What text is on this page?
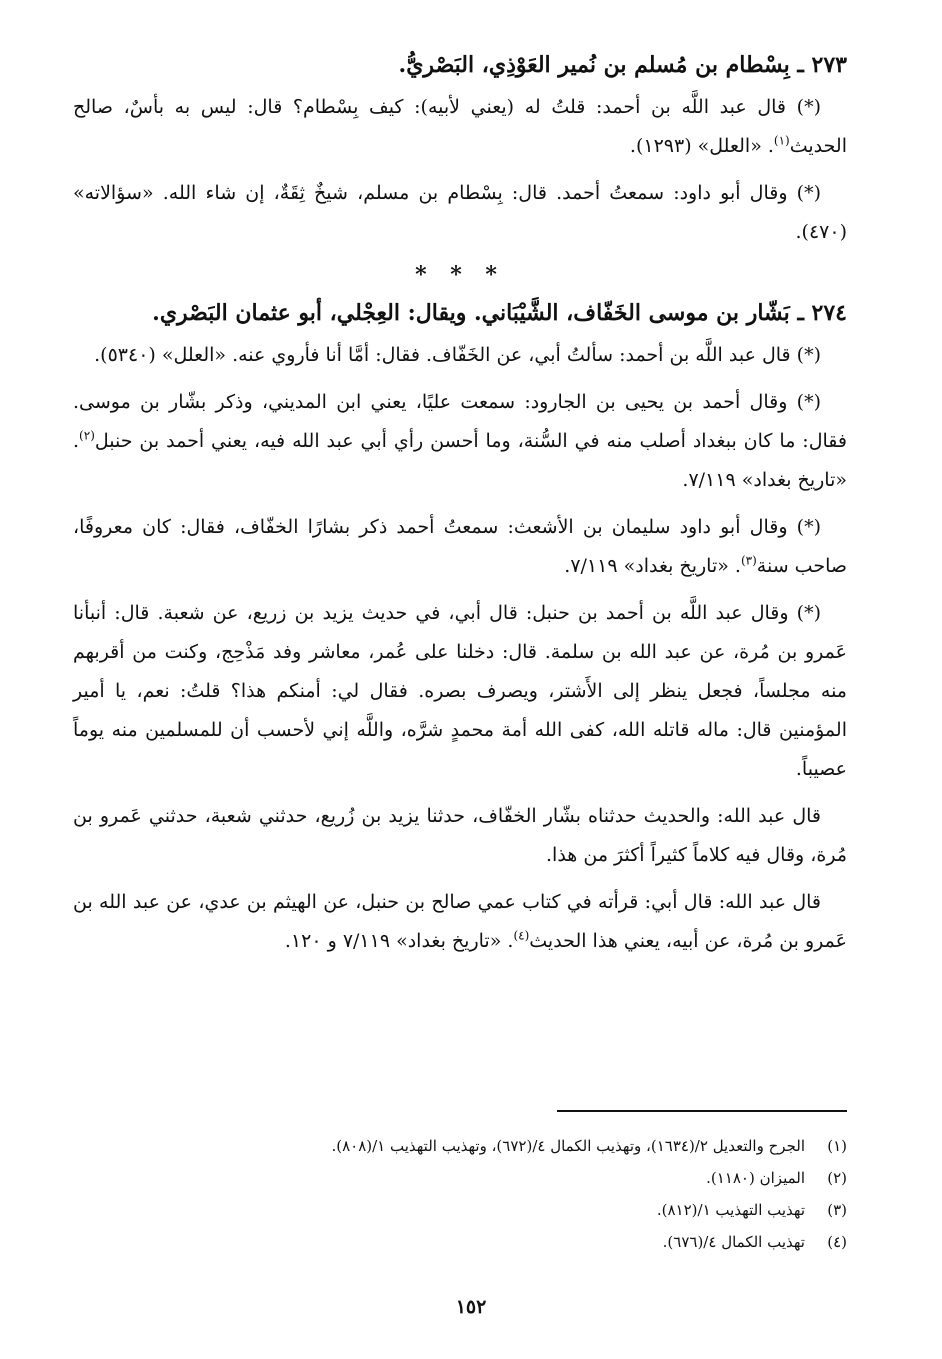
٢٧٣ ـ بِسْطام بن مُسلم بن نُمير العَوْذِي، البَصْريُّ.

(*) قال عبد اللَّه بن أحمد: قلتُ له (يعني لأبيه): كيف بِسْطام؟ قال: ليس به بأسٌ، صالح الحديث$^{(١)}$. «العلل» (١٢٩٣).

(*) وقال أبو داود: سمعتُ أحمد. قال: بِسْطام بن مسلم، شيخٌ ثِقَةٌ، إن شاء الله. «سؤالاته» (٤٧٠).

* * *

٢٧٤ ـ بَشّار بن موسى الخَفّاف، الشَّيْبَاني. ويقال: العِجْلي، أبو عثمان البَصْري.

(*) قال عبد اللَّه بن أحمد: سألتُ أبي، عن الخَفّاف. فقال: أمَّا أنا فأروي عنه. «العلل» (٥٣٤٠).

(*) وقال أحمد بن يحيى بن الجارود: سمعت عليًا، يعني ابن المديني، وذكر بشّار بن موسى. فقال: ما كان ببغداد أصلب منه في السُّنة، وما أحسن رأي أبي عبد الله فيه، يعني أحمد بن حنبل$^{(٢)}$. «تاريخ بغداد» ٧/١١٩.

(*) وقال أبو داود سليمان بن الأشعث: سمعتُ أحمد ذكر بشارًا الخفّاف، فقال: كان معروفًا، صاحب سنة$^{(٣)}$. «تاريخ بغداد» ٧/١١٩.

(*) وقال عبد اللَّه بن أحمد بن حنبل: قال أبي، في حديث يزيد بن زريع، عن شعبة. قال: أنبأنا عَمرو بن مُرة، عن عبد الله بن سلمة. قال: دخلنا على عُمر، معاشر وفد مَذْحِج، وكنت من أقربهم منه مجلساً، فجعل ينظر إلى الأَشتر، ويصرف بصره. فقال لي: أمنكم هذا؟ قلتُ: نعم، يا أمير المؤمنين قال: ماله قاتله الله، كفى الله أمة محمدٍ شرَّه، واللَّه إني لأحسب أن للمسلمين منه يوماً عصيباً.

قال عبد الله: والحديث حدثناه بشّار الخفّاف، حدثنا يزيد بن زُريع، حدثني شعبة، حدثني عَمرو بن مُرة، وقال فيه كلاماً كثيراً أكثرَ من هذا.

قال عبد الله: قال أبي: قرأته في كتاب عمي صالح بن حنبل، عن الهيثم بن عدي، عن عبد الله بن عَمرو بن مُرة، عن أبيه، يعني هذا الحديث$^{(٤)}$. «تاريخ بغداد» ٧/١١٩ و ١٢٠.

(١)الجرح والتعديل ٢/(١٦٣٤)، وتهذيب الكمال ٤/(٦٧٢)، وتهذيب التهذيب ١/(٨٠٨).
(٢)الميزان (١١٨٠).
(٣)تهذيب التهذيب ١/(٨١٢).
(٤)تهذيب الكمال ٤/(٦٧٦).
١٥٢
